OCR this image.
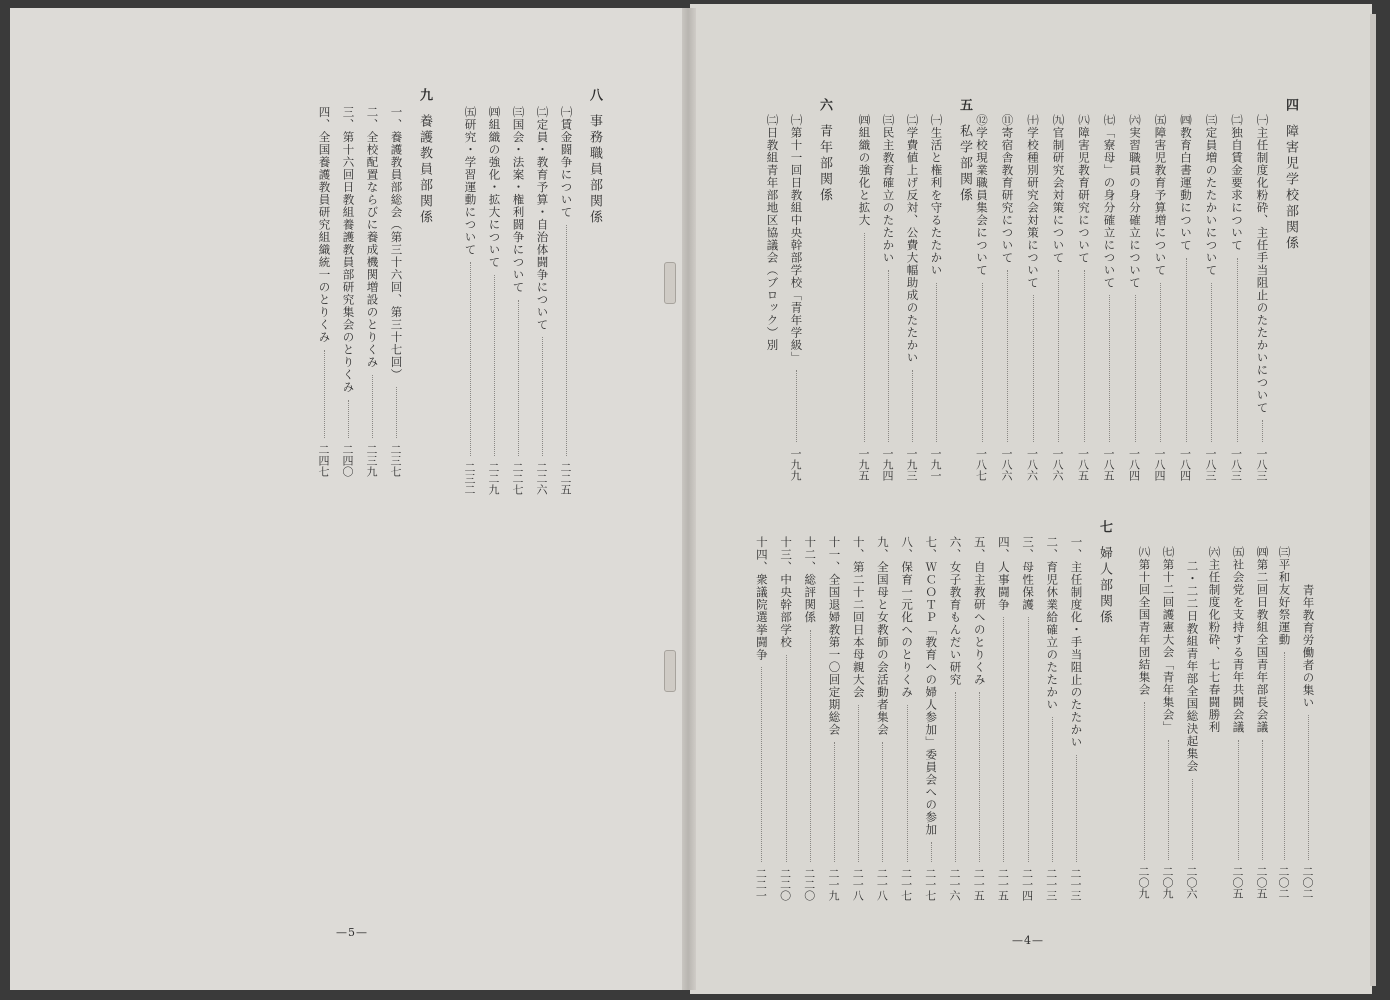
四障害児学校部関係
五私学部関係
六青年部関係
七婦人部関係
八事務職員部関係
九養護教員部関係	㈠主任制度化粉砕、主任手当阻止のたたかいについて
一八三
㈡独自賃金要求について
一八三
㈢定員増のたたかいについて
一八三
㈣教育白書運動について
一八四
㈤障害児教育予算増について
一八四
㈥実習職員の身分確立について
一八四
㈦「寮母」の身分確立について
一八五
㈧障害児教育研究について
一八五
㈨官制研究会対策について
一八六
㈩学校種別研究会対策について
一八六
⑪寄宿舎教育研究について
一八六
⑫学校現業職員集会について
一八七
㈠生活と権利を守るたたかい
一九一
㈡学費値上げ反対、公費大幅助成のたたかい
一九三
㈢民主教育確立のたたかい
一九四
㈣組織の強化と拡大
一九五
㈠第十一回日教組中央幹部学校「青年学級」
一九九
㈡日教組青年部地区協議会（ブロック）別
青年教育労働者の集い
二〇二
㈢平和友好祭運動
二〇二
㈣第二回日教組全国青年部長会議
二〇五
㈤社会党を支持する青年共闘会議
二〇五
㈥主任制度化粉砕、七七春闘勝利
二・二二日教組青年部全国総決起集会
二〇六
㈦第十二回護憲大会「青年集会」
二〇九
㈧第十回全国青年団結集会
二〇九
一、主任制度化・手当阻止のたたかい
二一三
二、育児休業給確立のたたかい
二一三
三、母性保護
二一四
四、人事闘争
二一五
五、自主教研へのとりくみ
二一五
六、女子教育もんだい研究
二一六
七、ＷＣＯＴＰ「教育への婦人参加」委員会への参加
二一七
八、保育一元化へのとりくみ
二一七
九、全国母と女教師の会活動者集会
二一八
十、第二十二回日本母親大会
二一八
十一、全国退婦教第一〇回定期総会
二一九
十二、総評関係
二二〇
十三、中央幹部学校
二二〇
十四、衆議院選挙闘争
二二一
㈠賃金闘争について
二二五
㈡定員・教育予算・自治体闘争について
二二六
㈢国会・法案・権利闘争について
二二七
㈣組織の強化・拡大について
二二九
㈤研究・学習運動について
二三二
一、養護教員部総会（第三十六回、第三十七回）
二三七
二、全校配置ならびに養成機関増設のとりくみ
二三九
三、第十六回日教組養護教員部研究集会のとりくみ
二四〇
四、全国養護教員研究組織統一のとりくみ
二四七
—4—
—5—
